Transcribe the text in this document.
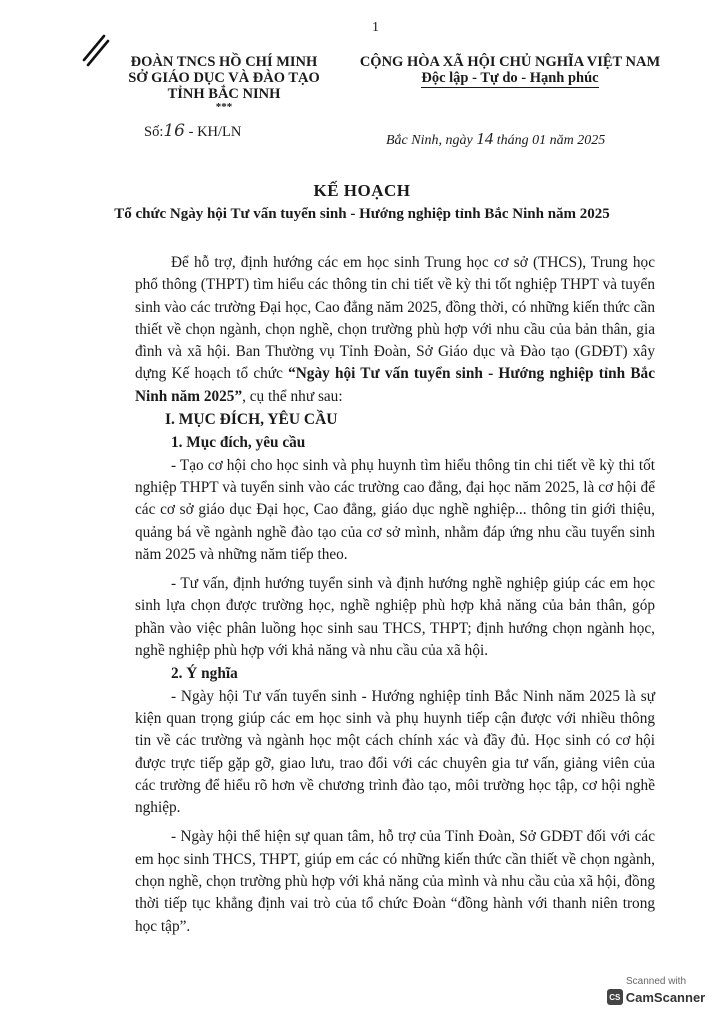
1
ĐOÀN TNCS HỒ CHÍ MINH
SỞ GIÁO DỤC VÀ ĐÀO TẠO
TỈNH BẮC NINH
***
CỘNG HÒA XÃ HỘI CHỦ NGHĨA VIỆT NAM
Độc lập - Tự do - Hạnh phúc
Số:16 - KH/LN
Bắc Ninh, ngày 14 tháng 01 năm 2025
KẾ HOẠCH
Tổ chức Ngày hội Tư vấn tuyển sinh - Hướng nghiệp tỉnh Bắc Ninh năm 2025

Để hỗ trợ, định hướng các em học sinh Trung học cơ sở (THCS), Trung học phổ thông (THPT) tìm hiểu các thông tin chi tiết về kỳ thi tốt nghiệp THPT và tuyển sinh vào các trường Đại học, Cao đẳng năm 2025, đồng thời, có những kiến thức cần thiết về chọn ngành, chọn nghề, chọn trường phù hợp với nhu cầu của bản thân, gia đình và xã hội. Ban Thường vụ Tỉnh Đoàn, Sở Giáo dục và Đào tạo (GDĐT) xây dựng Kế hoạch tổ chức “Ngày hội Tư vấn tuyển sinh - Hướng nghiệp tỉnh Bắc Ninh năm 2025”, cụ thể như sau:

I. MỤC ĐÍCH, YÊU CẦU
1. Mục đích, yêu cầu

- Tạo cơ hội cho học sinh và phụ huynh tìm hiểu thông tin chi tiết về kỳ thi tốt nghiệp THPT và tuyển sinh vào các trường cao đẳng, đại học năm 2025, là cơ hội để các cơ sở giáo dục Đại học, Cao đẳng, giáo dục nghề nghiệp... thông tin giới thiệu, quảng bá về ngành nghề đào tạo của cơ sở mình, nhằm đáp ứng nhu cầu tuyển sinh năm 2025 và những năm tiếp theo.

- Tư vấn, định hướng tuyển sinh và định hướng nghề nghiệp giúp các em học sinh lựa chọn được trường học, nghề nghiệp phù hợp khả năng của bản thân, góp phần vào việc phân luồng học sinh sau THCS, THPT; định hướng chọn ngành học, nghề nghiệp phù hợp với khả năng và nhu cầu của xã hội.

2. Ý nghĩa

- Ngày hội Tư vấn tuyển sinh - Hướng nghiệp tỉnh Bắc Ninh năm 2025 là sự kiện quan trọng giúp các em học sinh và phụ huynh tiếp cận được với nhiều thông tin về các trường và ngành học một cách chính xác và đầy đủ. Học sinh có cơ hội được trực tiếp gặp gỡ, giao lưu, trao đổi với các chuyên gia tư vấn, giảng viên của các trường để hiểu rõ hơn về chương trình đào tạo, môi trường học tập, cơ hội nghề nghiệp.

- Ngày hội thể hiện sự quan tâm, hỗ trợ của Tỉnh Đoàn, Sở GDĐT đối với các em học sinh THCS, THPT, giúp em các có những kiến thức cần thiết về chọn ngành, chọn nghề, chọn trường phù hợp với khả năng của mình và nhu cầu của xã hội, đồng thời tiếp tục khẳng định vai trò của tổ chức Đoàn “đồng hành với thanh niên trong học tập”.

Scanned with
CS CamScanner
